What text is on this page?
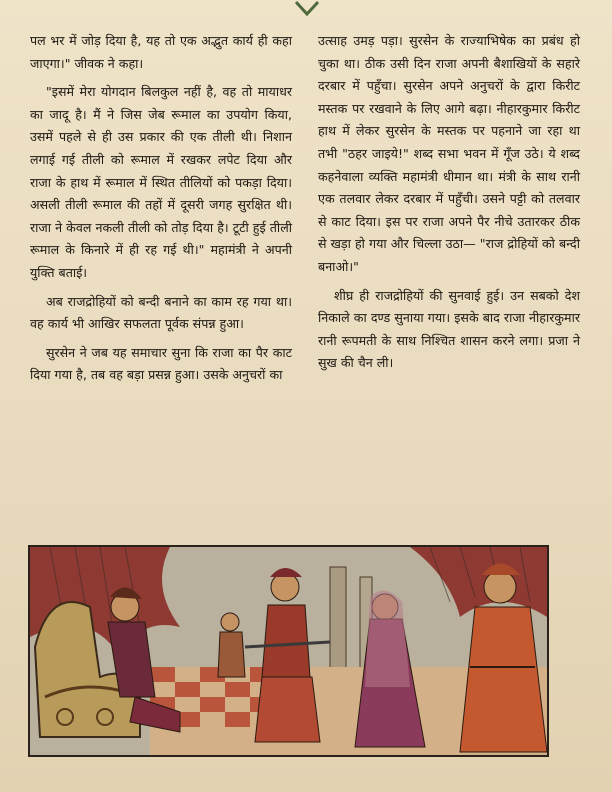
पल भर में जोड़ दिया है, यह तो एक अद्भुत कार्य ही कहा जाएगा।" जीवक ने कहा।

"इसमें मेरा योगदान बिलकुल नहीं है, वह तो मायाधर का जादू है। मैं ने जिस जेब रूमाल का उपयोग किया, उसमें पहले से ही उस प्रकार की एक तीली थी। निशान लगाई गई तीली को रूमाल में रखकर लपेट दिया और राजा के हाथ में रूमाल में स्थित तीलियों को पकड़ा दिया। असली तीली रूमाल की तहों में दूसरी जगह सुरक्षित थी। राजा ने केवल नकली तीली को तोड़ दिया है। टूटी हुई तीली रूमाल के किनारे में ही रह गई थी।" महामंत्री ने अपनी युक्ति बताई।

अब राजद्रोहियों को बन्दी बनाने का काम रह गया था। वह कार्य भी आखिर सफलता पूर्वक संपन्न हुआ।

सुरसेन ने जब यह समाचार सुना कि राजा का पैर काट दिया गया है, तब वह बड़ा प्रसन्न हुआ। उसके अनुचरों का

उत्साह उमड़ पड़ा। सुरसेन के राज्याभिषेक का प्रबंध हो चुका था। ठीक उसी दिन राजा अपनी बैशाखियों के सहारे दरबार में पहुँचा। सुरसेन अपने अनुचरों के द्वारा किरीट मस्तक पर रखवाने के लिए आगे बढ़ा। नीहारकुमार किरीट हाथ में लेकर सुरसेन के मस्तक पर पहनाने जा रहा था तभी "ठहर जाइये!" शब्द सभा भवन में गूँज उठे। ये शब्द कहनेवाला व्यक्ति महामंत्री धीमान था। मंत्री के साथ रानी एक तलवार लेकर दरबार में पहुँची। उसने पट्टी को तलवार से काट दिया। इस पर राजा अपने पैर नीचे उतारकर ठीक से खड़ा हो गया और चिल्ला उठा— "राज द्रोहियों को बन्दी बनाओ।"

शीघ्र ही राजद्रोहियों की सुनवाई हुई। उन सबको देश निकाले का दण्ड सुनाया गया। इसके बाद राजा नीहारकुमार रानी रूपमती के साथ निश्चित शासन करने लगा। प्रजा ने सुख की चैन ली।
